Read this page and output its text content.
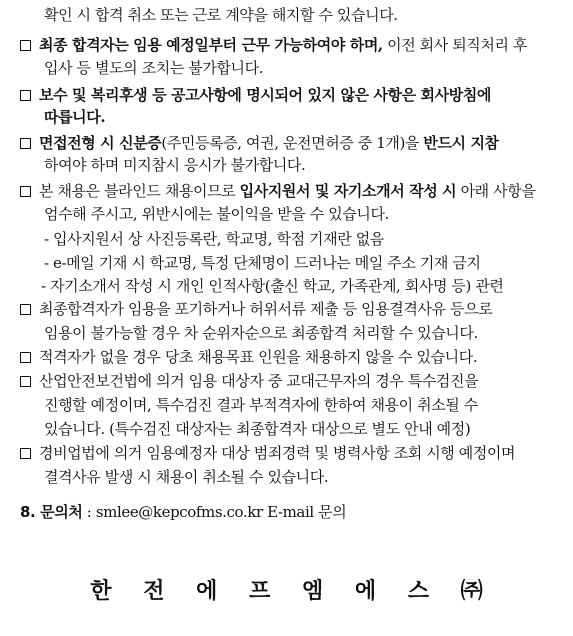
확인 시 합격 취소 또는 근로 계약을 해지할 수 있습니다.
최종 합격자는 임용 예정일부터 근무 가능하여야 하며, 이전 회사 퇴직처리 후
입사 등 별도의 조치는 불가합니다.
보수 및 복리후생 등 공고사항에 명시되어 있지 않은 사항은 회사방침에
따릅니다.
면접전형 시 신분증(주민등록증, 여권, 운전면허증 중 1개)을 반드시 지참
하여야 하며 미지참시 응시가 불가합니다.
본 채용은 블라인드 채용이므로 입사지원서 및 자기소개서 작성 시 아래 사항을
엄수해 주시고, 위반시에는 불이익을 받을 수 있습니다.
- 입사지원서 상 사진등록란, 학교명, 학점 기재란 없음
- e-메일 기재 시 학교명, 특정 단체명이 드러나는 메일 주소 기재 금지
- 자기소개서 작성 시 개인 인적사항(출신 학교, 가족관계, 회사명 등) 관련
최종합격자가 임용을 포기하거나 허위서류 제출 등 임용결격사유 등으로
임용이 불가능할 경우 차 순위자순으로 최종합격 처리할 수 있습니다.
적격자가 없을 경우 당초 채용목표 인원을 채용하지 않을 수 있습니다.
산업안전보건법에 의거 임용 대상자 중 교대근무자의 경우 특수검진을
진행할 예정이며, 특수검진 결과 부적격자에 한하여 채용이 취소될 수
있습니다. (특수검진 대상자는 최종합격자 대상으로 별도 안내 예정)
경비업법에 의거 임용예정자 대상 범죄경력 및 병력사항 조회 시행 예정이며
결격사유 발생 시 채용이 취소될 수 있습니다.
8. 문의처 : smlee@kepcofms.co.kr E-mail 문의
한 전 에 프 엠 에 스 ㈜
